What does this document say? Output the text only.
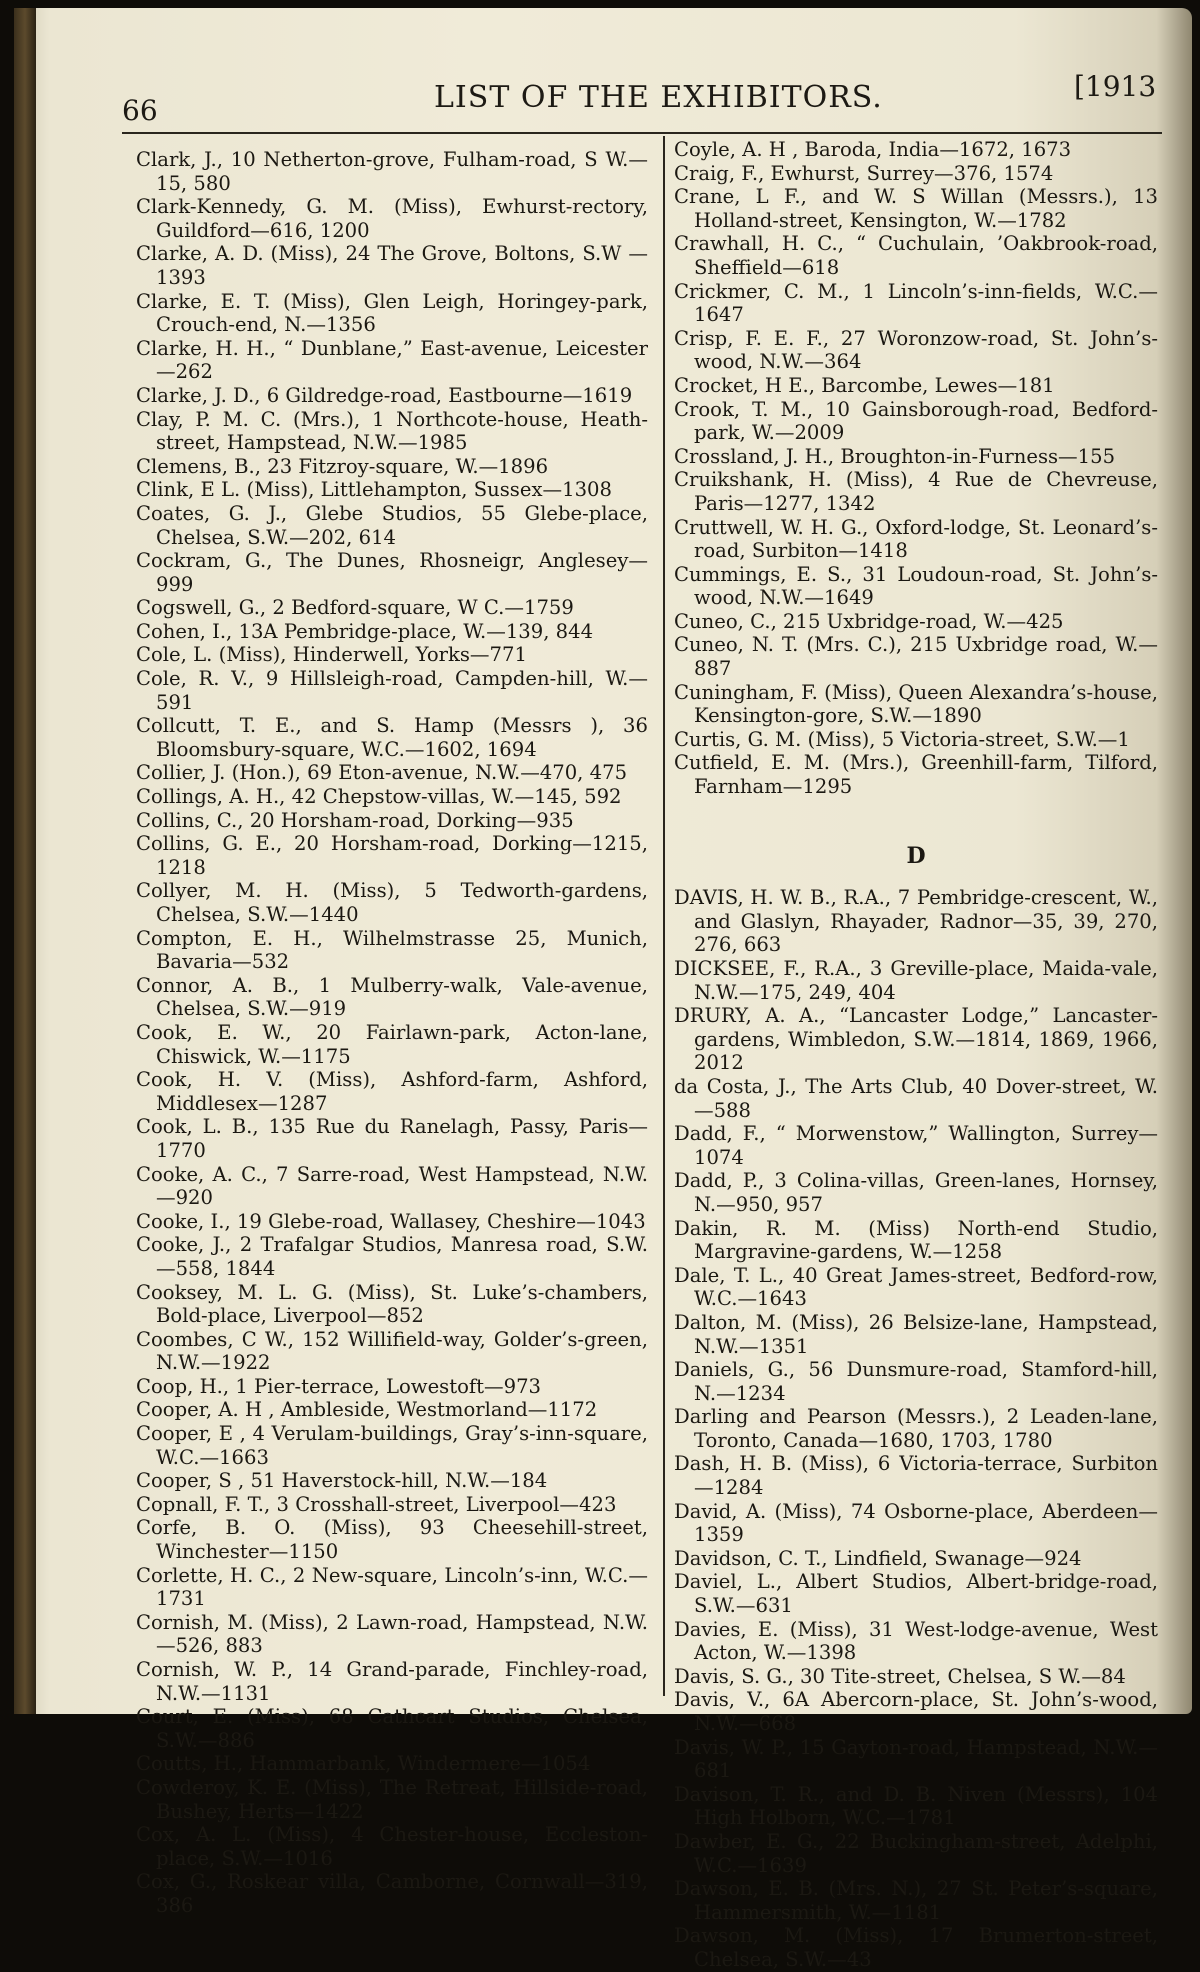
66	LIST OF THE EXHIBITORS.	[1913

Clark, J., 10 Netherton-grove, Fulham-road, S W.—15, 580

Clark-Kennedy, G. M. (Miss), Ewhurst-rectory, Guildford—616, 1200

Clarke, A. D. (Miss), 24 The Grove, Boltons, S.W —1393

Clarke, E. T. (Miss), Glen Leigh, Horingey-park, Crouch-end, N.—1356

Clarke, H. H., “ Dunblane,” East-avenue, Leicester—262

Clarke, J. D., 6 Gildredge-road, Eastbourne—1619

Clay, P. M. C. (Mrs.), 1 Northcote-house, Heath-street, Hampstead, N.W.—1985

Clemens, B., 23 Fitzroy-square, W.—1896

Clink, E L. (Miss), Littlehampton, Sussex—1308

Coates, G. J., Glebe Studios, 55 Glebe-place, Chelsea, S.W.—202, 614

Cockram, G., The Dunes, Rhosneigr, Anglesey—999

Cogswell, G., 2 Bedford-square, W C.—1759

Cohen, I., 13A Pembridge-place, W.—139, 844

Cole, L. (Miss), Hinderwell, Yorks—771

Cole, R. V., 9 Hillsleigh-road, Campden-hill, W.—591

Collcutt, T. E., and S. Hamp (Messrs ), 36 Bloomsbury-square, W.C.—1602, 1694

Collier, J. (Hon.), 69 Eton-avenue, N.W.—470, 475

Collings, A. H., 42 Chepstow-villas, W.—145, 592

Collins, C., 20 Horsham-road, Dorking—935

Collins, G. E., 20 Horsham-road, Dorking—1215, 1218

Collyer, M. H. (Miss), 5 Tedworth-gardens, Chelsea, S.W.—1440

Compton, E. H., Wilhelmstrasse 25, Munich, Bavaria—532

Connor, A. B., 1 Mulberry-walk, Vale-avenue, Chelsea, S.W.—919

Cook, E. W., 20 Fairlawn-park, Acton-lane, Chiswick, W.—1175

Cook, H. V. (Miss), Ashford-farm, Ashford, Middlesex—1287

Cook, L. B., 135 Rue du Ranelagh, Passy, Paris—1770

Cooke, A. C., 7 Sarre-road, West Hampstead, N.W.—920

Cooke, I., 19 Glebe-road, Wallasey, Cheshire—1043

Cooke, J., 2 Trafalgar Studios, Manresa road, S.W.—558, 1844

Cooksey, M. L. G. (Miss), St. Luke’s-chambers, Bold-place, Liverpool—852

Coombes, C W., 152 Willifield-way, Golder’s-green, N.W.—1922

Coop, H., 1 Pier-terrace, Lowestoft—973

Cooper, A. H , Ambleside, Westmorland—1172

Cooper, E , 4 Verulam-buildings, Gray’s-inn-square, W.C.—1663

Cooper, S , 51 Haverstock-hill, N.W.—184

Copnall, F. T., 3 Crosshall-street, Liverpool—423

Corfe, B. O. (Miss), 93 Cheesehill-street, Winchester—1150

Corlette, H. C., 2 New-square, Lincoln’s-inn, W.C.—1731

Cornish, M. (Miss), 2 Lawn-road, Hampstead, N.W.—526, 883

Cornish, W. P., 14 Grand-parade, Finchley-road, N.W.—1131

Court, E. (Miss), 68 Cathcart Studios, Chelsea, S.W.—886

Coutts, H., Hammarbank, Windermere—1054

Cowderoy, K. E. (Miss), The Retreat, Hillside-road, Bushey, Herts—1422

Cox, A. L. (Miss), 4 Chester-house, Eccleston-place, S.W.—1016

Cox, G., Roskear villa, Camborne, Cornwall—319, 386

Coyle, A. H , Baroda, India—1672, 1673

Craig, F., Ewhurst, Surrey—376, 1574

Crane, L F., and W. S Willan (Messrs.), 13 Holland-street, Kensington, W.—1782

Crawhall, H. C., “ Cuchulain, ’Oakbrook-road, Sheffield—618

Crickmer, C. M., 1 Lincoln’s-inn-fields, W.C.—1647

Crisp, F. E. F., 27 Woronzow-road, St. John’s-wood, N.W.—364

Crocket, H E., Barcombe, Lewes—181

Crook, T. M., 10 Gainsborough-road, Bedford-park, W.—2009

Crossland, J. H., Broughton-in-Furness—155

Cruikshank, H. (Miss), 4 Rue de Chevreuse, Paris—1277, 1342

Cruttwell, W. H. G., Oxford-lodge, St. Leonard’s-road, Surbiton—1418

Cummings, E. S., 31 Loudoun-road, St. John’s-wood, N.W.—1649

Cuneo, C., 215 Uxbridge-road, W.—425

Cuneo, N. T. (Mrs. C.), 215 Uxbridge road, W.—887

Cuningham, F. (Miss), Queen Alexandra’s-house, Kensington-gore, S.W.—1890

Curtis, G. M. (Miss), 5 Victoria-street, S.W.—1

Cutfield, E. M. (Mrs.), Greenhill-farm, Tilford, Farnham—1295

D

DAVIS, H. W. B., R.A., 7 Pembridge-crescent, W., and Glaslyn, Rhayader, Radnor—35, 39, 270, 276, 663

DICKSEE, F., R.A., 3 Greville-place, Maida-vale, N.W.—175, 249, 404

DRURY, A. A., “Lancaster Lodge,” Lancaster-gardens, Wimbledon, S.W.—1814, 1869, 1966, 2012

da Costa, J., The Arts Club, 40 Dover-street, W.—588

Dadd, F., “ Morwenstow,” Wallington, Surrey—1074

Dadd, P., 3 Colina-villas, Green-lanes, Hornsey, N.—950, 957

Dakin, R. M. (Miss) North-end Studio, Margravine-gardens, W.—1258

Dale, T. L., 40 Great James-street, Bedford-row, W.C.—1643

Dalton, M. (Miss), 26 Belsize-lane, Hampstead, N.W.—1351

Daniels, G., 56 Dunsmure-road, Stamford-hill, N.—1234

Darling and Pearson (Messrs.), 2 Leaden-lane, Toronto, Canada—1680, 1703, 1780

Dash, H. B. (Miss), 6 Victoria-terrace, Surbiton—1284

David, A. (Miss), 74 Osborne-place, Aberdeen—1359

Davidson, C. T., Lindfield, Swanage—924

Daviel, L., Albert Studios, Albert-bridge-road, S.W.—631

Davies, E. (Miss), 31 West-lodge-avenue, West Acton, W.—1398

Davis, S. G., 30 Tite-street, Chelsea, S W.—84

Davis, V., 6A Abercorn-place, St. John’s-wood, N.W.—668

Davis, W. P., 15 Gayton-road, Hampstead, N.W.—681

Davison, T. R., and D. B. Niven (Messrs), 104 High Holborn, W.C.—1781

Dawber, E. G., 22 Buckingham-street, Adelphi, W.C.—1639

Dawson, E. B. (Mrs. N.), 27 St. Peter’s-square, Hammersmith, W.—1181

Dawson, M. (Miss), 17 Brumerton-street, Chelsea, S.W.—43
